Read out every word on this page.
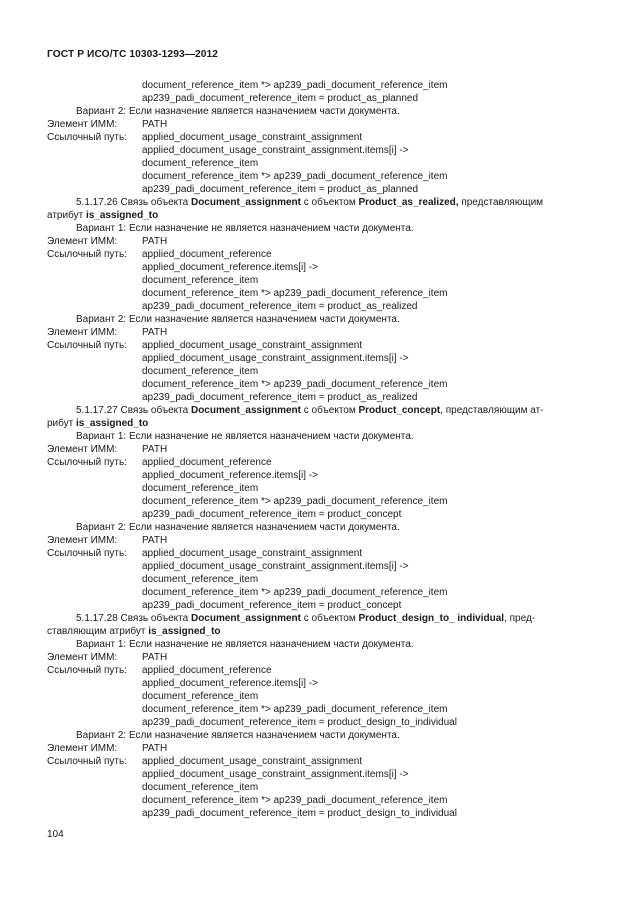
ГОСТ Р ИСО/ТС 10303-1293—2012
document_reference_item *> ap239_padi_document_reference_item
ap239_padi_document_reference_item = product_as_planned
Вариант 2: Если назначение является назначением части документа.
Элемент ИММ: PATH
Ссылочный путь: applied_document_usage_constraint_assignment
applied_document_usage_constraint_assignment.items[i] ->
document_reference_item
document_reference_item *> ap239_padi_document_reference_item
ap239_padi_document_reference_item = product_as_planned
5.1.17.26 Связь объекта Document_assignment с объектом Product_as_realized, представляющим
атрибут is_assigned_to
Вариант 1: Если назначение не является назначением части документа.
Элемент ИММ: PATH
Ссылочный путь: applied_document_reference
applied_document_reference.items[i] ->
document_reference_item
document_reference_item *> ap239_padi_document_reference_item
ap239_padi_document_reference_item = product_as_realized
Вариант 2: Если назначение является назначением части документа.
Элемент ИММ: PATH
Ссылочный путь: applied_document_usage_constraint_assignment
applied_document_usage_constraint_assignment.items[i] ->
document_reference_item
document_reference_item *> ap239_padi_document_reference_item
ap239_padi_document_reference_item = product_as_realized
5.1.17.27 Связь объекта Document_assignment с объектом Product_concept, представляющим ат-
рибут is_assigned_to
Вариант 1: Если назначение не является назначением части документа.
Элемент ИММ: PATH
Ссылочный путь: applied_document_reference
applied_document_reference.items[i] ->
document_reference_item
document_reference_item *> ap239_padi_document_reference_item
ap239_padi_document_reference_item = product_concept
Вариант 2: Если назначение является назначением части документа.
Элемент ИММ: PATH
Ссылочный путь: applied_document_usage_constraint_assignment
applied_document_usage_constraint_assignment.items[i] ->
document_reference_item
document_reference_item *> ap239_padi_document_reference_item
ap239_padi_document_reference_item = product_concept
5.1.17.28 Связь объекта Document_assignment с объектом Product_design_to_ individual, пред-
ставляющим атрибут is_assigned_to
Вариант 1: Если назначение не является назначением части документа.
Элемент ИММ: PATH
Ссылочный путь: applied_document_reference
applied_document_reference.items[i] ->
document_reference_item
document_reference_item *> ap239_padi_document_reference_item
ap239_padi_document_reference_item = product_design_to_individual
Вариант 2: Если назначение является назначением части документа.
Элемент ИММ: PATH
Ссылочный путь: applied_document_usage_constraint_assignment
applied_document_usage_constraint_assignment.items[i] ->
document_reference_item
document_reference_item *> ap239_padi_document_reference_item
ap239_padi_document_reference_item = product_design_to_individual
104
